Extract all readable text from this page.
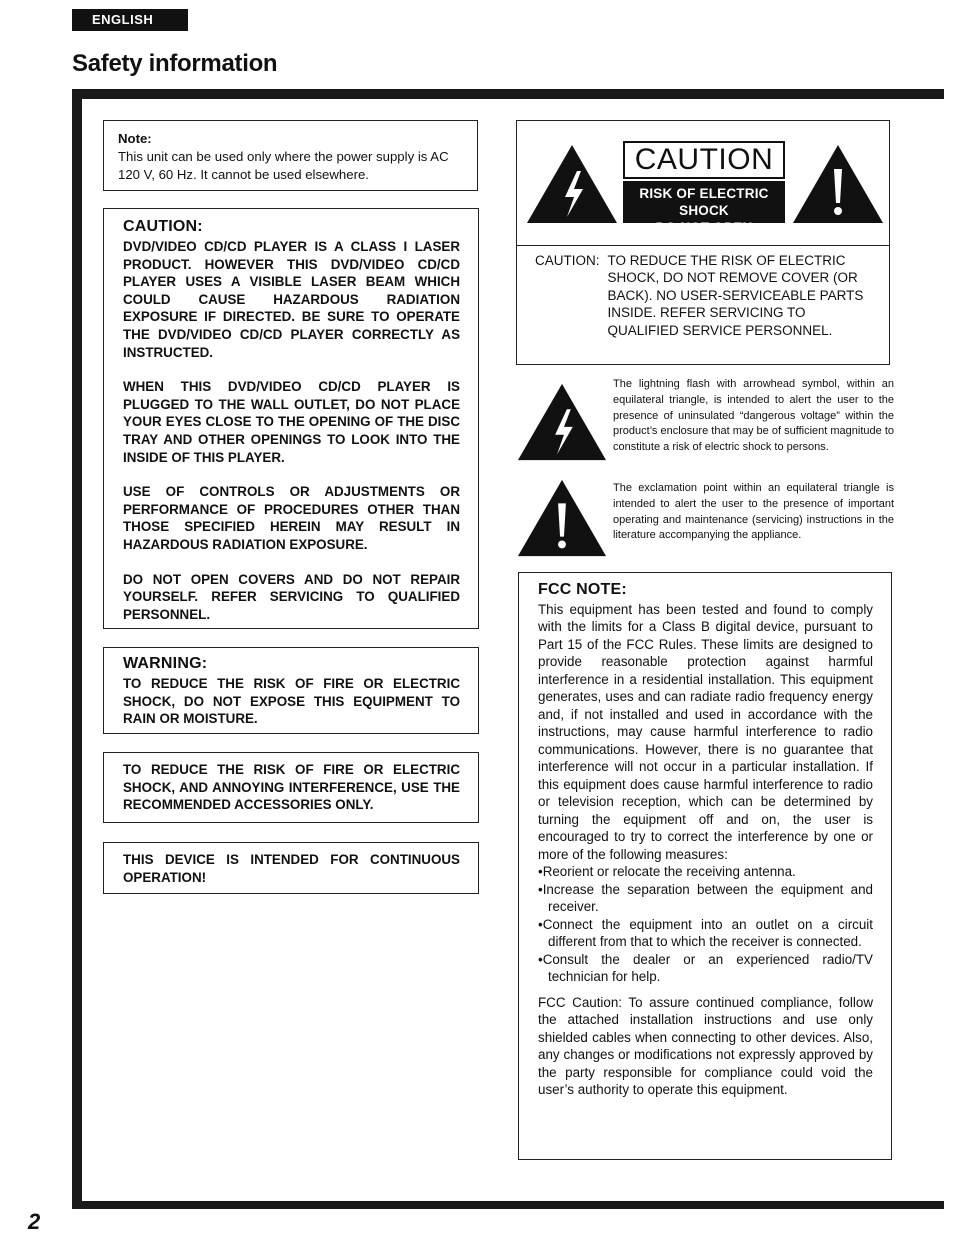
ENGLISH
Safety information
Note:
This unit can be used only where the power supply is AC 120 V, 60 Hz. It cannot be used elsewhere.
CAUTION:

DVD/VIDEO CD/CD PLAYER IS A CLASS I LASER PRODUCT. HOWEVER THIS DVD/VIDEO CD/CD PLAYER USES A VISIBLE LASER BEAM WHICH COULD CAUSE HAZARDOUS RADIATION EXPOSURE IF DIRECTED. BE SURE TO OPERATE THE DVD/VIDEO CD/CD PLAYER CORRECTLY AS INSTRUCTED.

WHEN THIS DVD/VIDEO CD/CD PLAYER IS PLUGGED TO THE WALL OUTLET, DO NOT PLACE YOUR EYES CLOSE TO THE OPENING OF THE DISC TRAY AND OTHER OPENINGS TO LOOK INTO THE INSIDE OF THIS PLAYER.

USE OF CONTROLS OR ADJUSTMENTS OR PERFORMANCE OF PROCEDURES OTHER THAN THOSE SPECIFIED HEREIN MAY RESULT IN HAZARDOUS RADIATION EXPOSURE.

DO NOT OPEN COVERS AND DO NOT REPAIR YOURSELF. REFER SERVICING TO QUALIFIED PERSONNEL.

WARNING:

TO REDUCE THE RISK OF FIRE OR ELECTRIC SHOCK, DO NOT EXPOSE THIS EQUIPMENT TO RAIN OR MOISTURE.

TO REDUCE THE RISK OF FIRE OR ELECTRIC SHOCK, AND ANNOYING INTERFERENCE, USE THE RECOMMENDED ACCESSORIES ONLY.

THIS DEVICE IS INTENDED FOR CONTINUOUS OPERATION!

CAUTION
RISK OF ELECTRIC SHOCK
DO NOT OPEN
CAUTION: TO REDUCE THE RISK OF ELECTRIC SHOCK, DO NOT REMOVE COVER (OR BACK). NO USER-SERVICEABLE PARTS INSIDE. REFER SERVICING TO QUALIFIED SERVICE PERSONNEL.
The lightning flash with arrowhead symbol, within an equilateral triangle, is intended to alert the user to the presence of uninsulated “dangerous voltage” within the product’s enclosure that may be of sufficient magnitude to constitute a risk of electric shock to persons.
The exclamation point within an equilateral triangle is intended to alert the user to the presence of important operating and maintenance (servicing) instructions in the literature accompanying the appliance.
FCC NOTE:

This equipment has been tested and found to comply with the limits for a Class B digital device, pursuant to Part 15 of the FCC Rules. These limits are designed to provide reasonable protection against harmful interference in a residential installation. This equipment generates, uses and can radiate radio frequency energy and, if not installed and used in accordance with the instructions, may cause harmful interference to radio communications. However, there is no guarantee that interference will not occur in a particular installation. If this equipment does cause harmful interference to radio or television reception, which can be determined by turning the equipment off and on, the user is encouraged to try to correct the interference by one or more of the following measures:

•Reorient or relocate the receiving antenna.

•Increase the separation between the equipment and receiver.

•Connect the equipment into an outlet on a circuit different from that to which the receiver is connected.

•Consult the dealer or an experienced radio/TV technician for help.

FCC Caution: To assure continued compliance, follow the attached installation instructions and use only shielded cables when connecting to other devices. Also, any changes or modifications not expressly approved by the party responsible for compliance could void the user’s authority to operate this equipment.

2
